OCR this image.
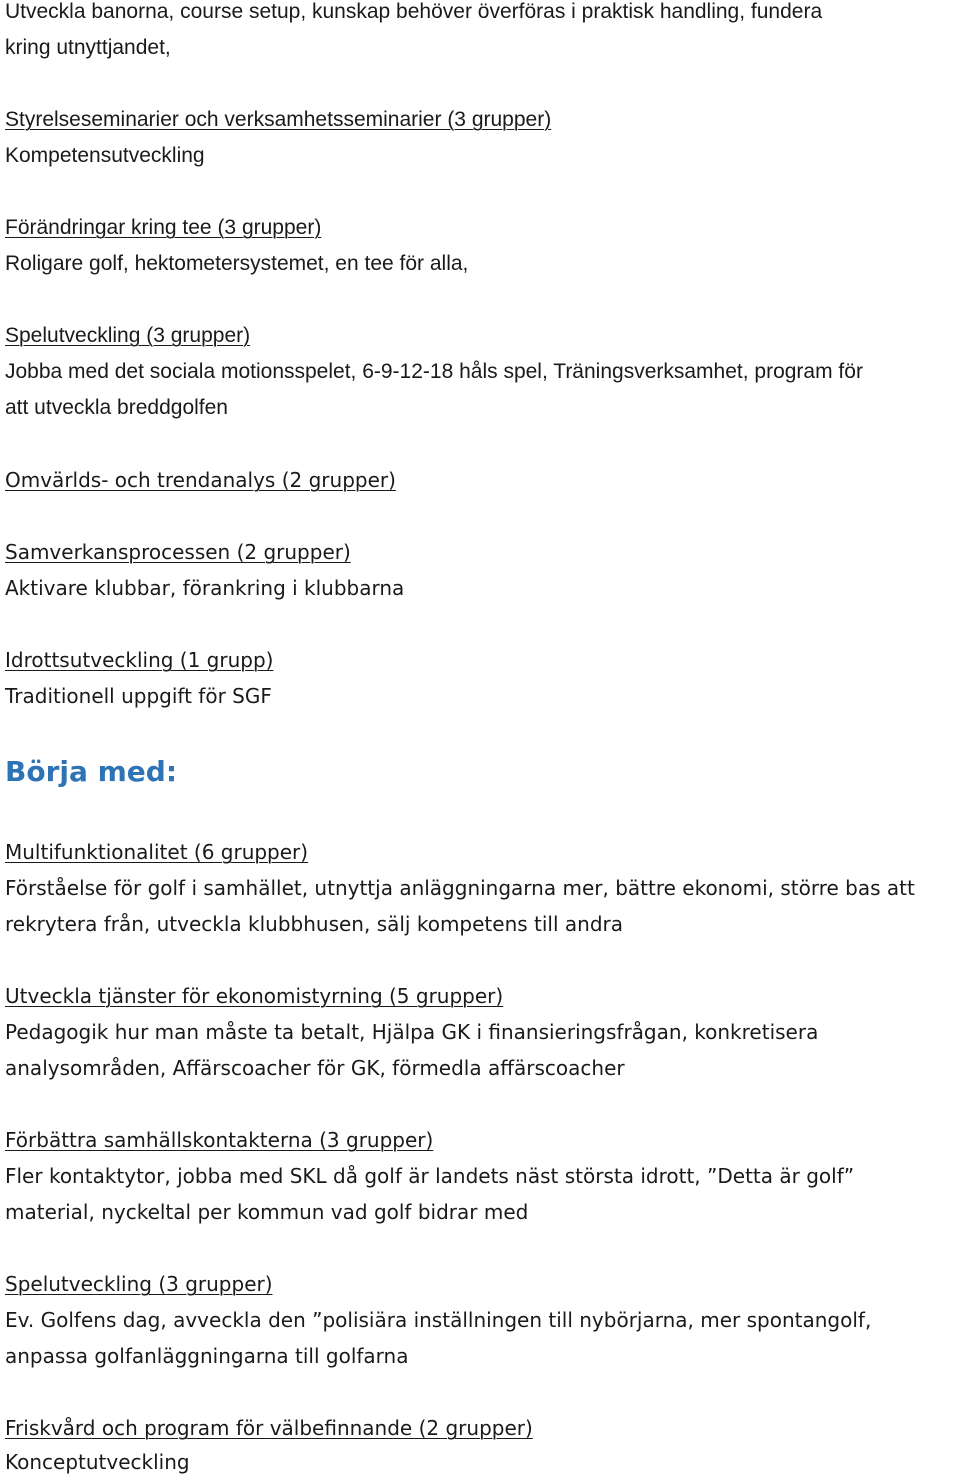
Utveckla banorna, course setup, kunskap behöver överföras i praktisk handling, fundera
kring utnyttjandet,
Styrelseseminarier och verksamhetsseminarier (3 grupper)
Kompetensutveckling
Förändringar kring tee (3 grupper)
Roligare golf, hektometersystemet, en tee för alla,
Spelutveckling (3 grupper)
Jobba med det sociala motionsspelet, 6-9-12-18 håls spel, Träningsverksamhet, program för
att utveckla breddgolfen
Omvärlds- och trendanalys (2 grupper)
Samverkansprocessen (2 grupper)
Aktivare klubbar, förankring i klubbarna
Idrottsutveckling (1 grupp)
Traditionell uppgift för SGF
Börja med:
Multifunktionalitet (6 grupper)
Förståelse för golf i samhället, utnyttja anläggningarna mer, bättre ekonomi, större bas att
rekrytera från, utveckla klubbhusen, sälj kompetens till andra
Utveckla tjänster för ekonomistyrning (5 grupper)
Pedagogik hur man måste ta betalt, Hjälpa GK i finansieringsfrågan, konkretisera
analysområden, Affärscoacher för GK, förmedla affärscoacher
Förbättra samhällskontakterna (3 grupper)
Fler kontaktytor, jobba med SKL då golf är landets näst största idrott, ”Detta är golf”
material, nyckeltal per kommun vad golf bidrar med
Spelutveckling (3 grupper)
Ev. Golfens dag, avveckla den ”polisiära inställningen till nybörjarna, mer spontangolf,
anpassa golfanläggningarna till golfarna
Friskvård och program för välbefinnande (2 grupper)
Konceptutveckling
